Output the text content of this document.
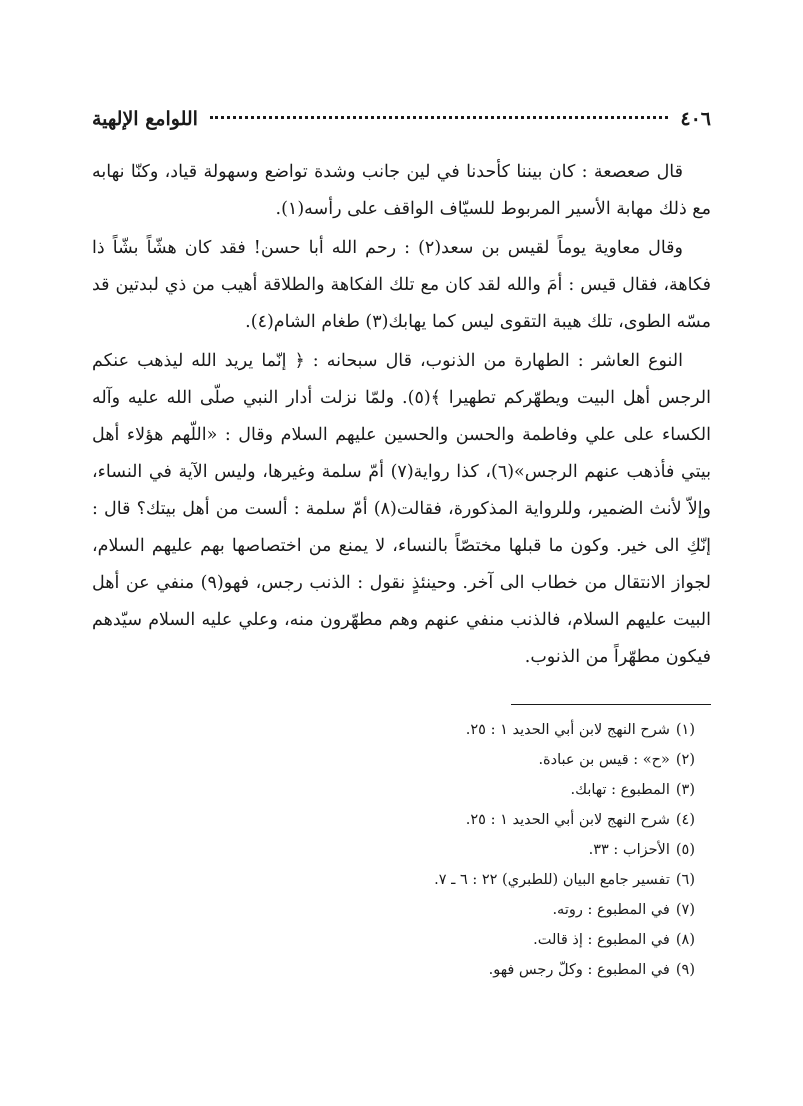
٤٠٦
اللوامع الإلهية

قال صعصعة : كان بيننا كأحدنا في لين جانب وشدة تواضع وسهولة قياد، وكنّا نهابه مع ذلك مهابة الأسير المربوط للسيّاف الواقف على رأسه(١).

وقال معاوية يوماً لقيس بن سعد(٢) : رحم الله أبا حسن! فقد كان هشّاً بشّاً ذا فكاهة، فقال قيس : أمَ والله لقد كان مع تلك الفكاهة والطلاقة أهيب من ذي لبدتين قد مسّه الطوى، تلك هيبة التقوى ليس كما يهابك(٣) طغام الشام(٤).

النوع العاشر : الطهارة من الذنوب، قال سبحانه : ﴿ إنّما يريد الله ليذهب عنكم الرجس أهل البيت ويطهّركم تطهيرا ﴾(٥). ولمّا نزلت أدار النبي صلّى الله عليه وآله الكساء على علي وفاطمة والحسن والحسين عليهم السلام وقال : «اللّهم هؤلاء أهل بيتي فأذهب عنهم الرجس»(٦)، كذا رواية(٧) أمّ سلمة وغيرها، وليس الآية في النساء، وإلاّ لأنث الضمير، وللرواية المذكورة، فقالت(٨) أمّ سلمة : ألست من أهل بيتك؟ قال : إنّكِ الى خير. وكون ما قبلها مختصّاً بالنساء، لا يمنع من اختصاصها بهم عليهم السلام، لجواز الانتقال من خطاب الى آخر. وحينئذٍ نقول : الذنب رجس، فهو(٩) منفي عن أهل البيت عليهم السلام، فالذنب منفي عنهم وهم مطهّرون منه، وعلي عليه السلام سيّدهم فيكون مطهّراً من الذنوب.

(١)شرح النهج لابن أبي الحديد ١ : ٢٥.
(٢)«ح» : قيس بن عبادة.
(٣)المطبوع : تهابك.
(٤)شرح النهج لابن أبي الحديد ١ : ٢٥.
(٥)الأحزاب : ٣٣.
(٦)تفسير جامع البيان (للطبري) ٢٢ : ٦ ـ ٧.
(٧)في المطبوع : روته.
(٨)في المطبوع : إذ قالت.
(٩)في المطبوع : وكلّ رجس فهو.
